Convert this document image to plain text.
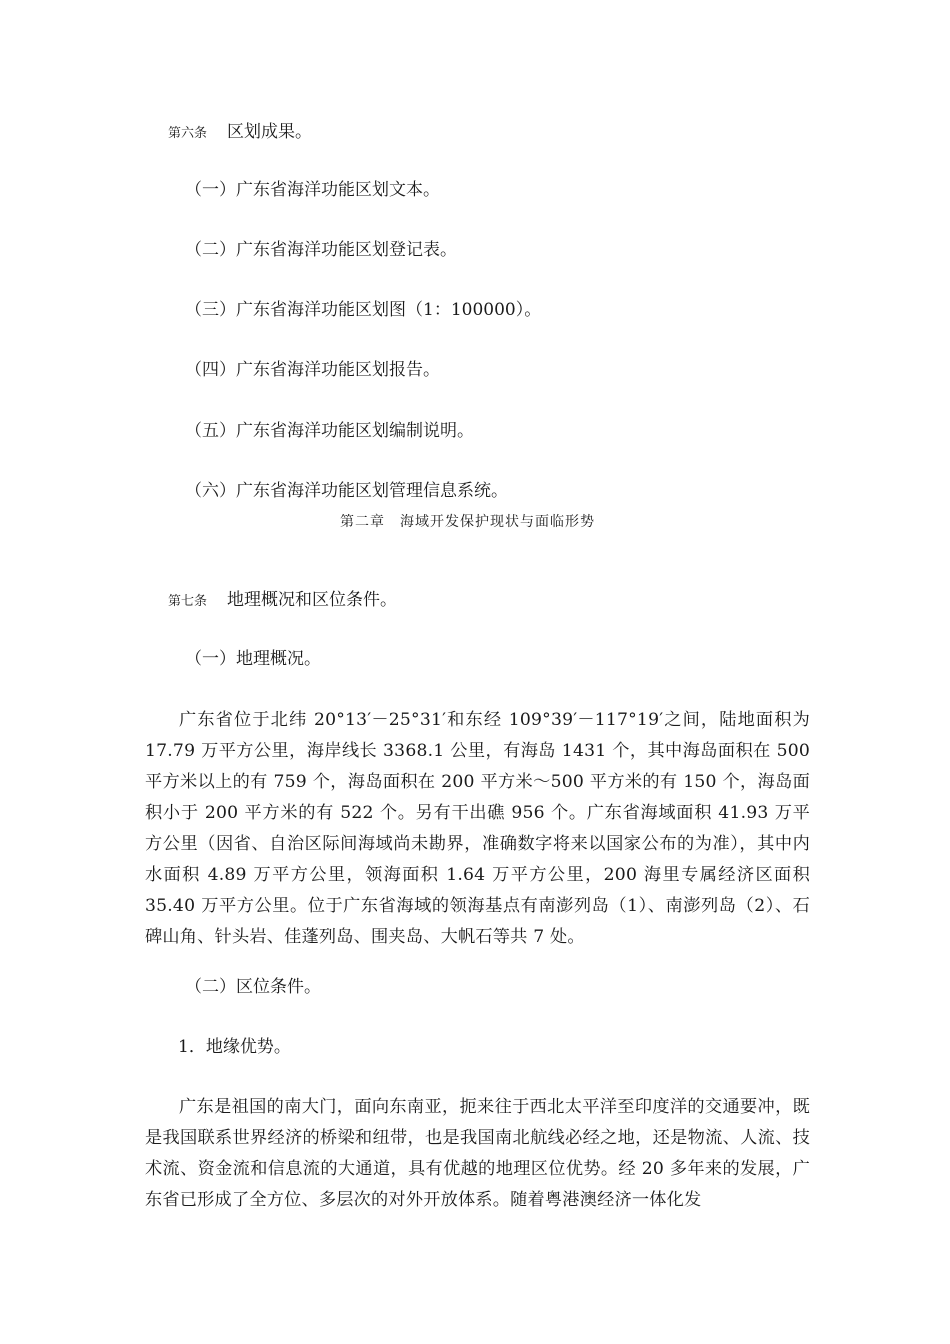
第六条 区划成果。
（一）广东省海洋功能区划文本。
（二）广东省海洋功能区划登记表。
（三）广东省海洋功能区划图（1：100000）。
（四）广东省海洋功能区划报告。
（五）广东省海洋功能区划编制说明。
（六）广东省海洋功能区划管理信息系统。
第二章　海域开发保护现状与面临形势
第七条 地理概况和区位条件。
（一）地理概况。
广东省位于北纬 20°13′－25°31′和东经 109°39′－117°19′之间，陆地面积为 17.79 万平方公里，海岸线长 3368.1 公里，有海岛 1431 个，其中海岛面积在 500 平方米以上的有 759 个，海岛面积在 200 平方米～500 平方米的有 150 个，海岛面积小于 200 平方米的有 522 个。另有干出礁 956 个。广东省海域面积 41.93 万平方公里（因省、自治区际间海域尚未勘界，准确数字将来以国家公布的为准），其中内水面积 4.89 万平方公里，领海面积 1.64 万平方公里，200 海里专属经济区面积 35.40 万平方公里。位于广东省海域的领海基点有南澎列岛（1）、南澎列岛（2）、石碑山角、针头岩、佳蓬列岛、围夹岛、大帆石等共 7 处。
（二）区位条件。
1．地缘优势。
广东是祖国的南大门，面向东南亚，扼来往于西北太平洋至印度洋的交通要冲，既是我国联系世界经济的桥梁和纽带，也是我国南北航线必经之地，还是物流、人流、技术流、资金流和信息流的大通道，具有优越的地理区位优势。经 20 多年来的发展，广东省已形成了全方位、多层次的对外开放体系。随着粤港澳经济一体化发
